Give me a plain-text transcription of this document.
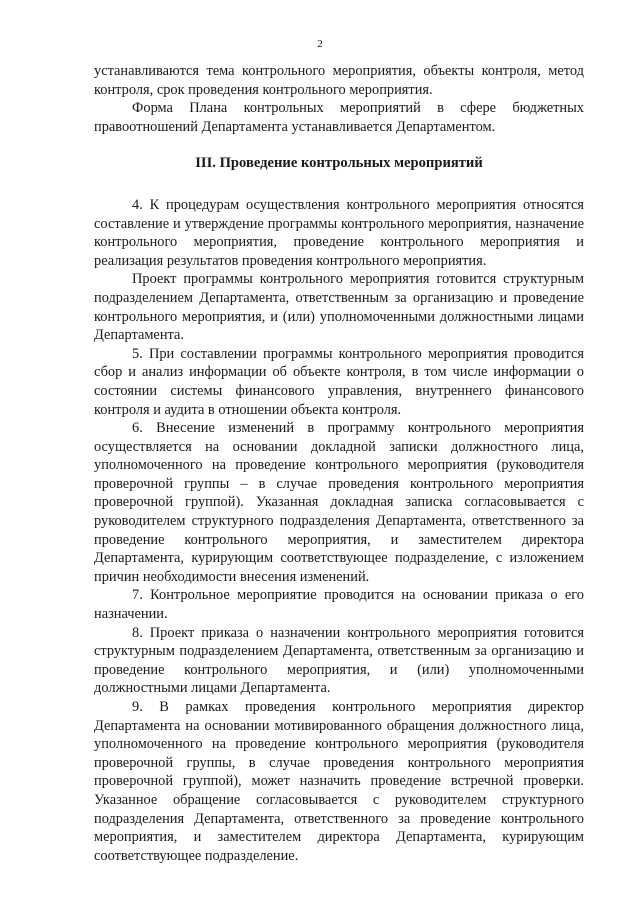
2

устанавливаются тема контрольного мероприятия, объекты контроля, метод контроля, срок проведения контрольного мероприятия.

Форма Плана контрольных мероприятий в сфере бюджетных правоотношений Департамента устанавливается Департаментом.

III. Проведение контрольных мероприятий

4. К процедурам осуществления контрольного мероприятия относятся составление и утверждение программы контрольного мероприятия, назначение контрольного мероприятия, проведение контрольного мероприятия и реализация результатов проведения контрольного мероприятия.

Проект программы контрольного мероприятия готовится структурным подразделением Департамента, ответственным за организацию и проведение контрольного мероприятия, и (или) уполномоченными должностными лицами Департамента.

5. При составлении программы контрольного мероприятия проводится сбор и анализ информации об объекте контроля, в том числе информации о состоянии системы финансового управления, внутреннего финансового контроля и аудита в отношении объекта контроля.

6. Внесение изменений в программу контрольного мероприятия осуществляется на основании докладной записки должностного лица, уполномоченного на проведение контрольного мероприятия (руководителя проверочной группы – в случае проведения контрольного мероприятия проверочной группой). Указанная докладная записка согласовывается с руководителем структурного подразделения Департамента, ответственного за проведение контрольного мероприятия, и заместителем директора Департамента, курирующим соответствующее подразделение, с изложением причин необходимости внесения изменений.

7. Контрольное мероприятие проводится на основании приказа о его назначении.

8. Проект приказа о назначении контрольного мероприятия готовится структурным подразделением Департамента, ответственным за организацию и проведение контрольного мероприятия, и (или) уполномоченными должностными лицами Департамента.

9. В рамках проведения контрольного мероприятия директор Департамента на основании мотивированного обращения должностного лица, уполномоченного на проведение контрольного мероприятия (руководителя проверочной группы, в случае проведения контрольного мероприятия проверочной группой), может назначить проведение встречной проверки. Указанное обращение согласовывается с руководителем структурного подразделения Департамента, ответственного за проведение контрольного мероприятия, и заместителем директора Департамента, курирующим соответствующее подразделение.
